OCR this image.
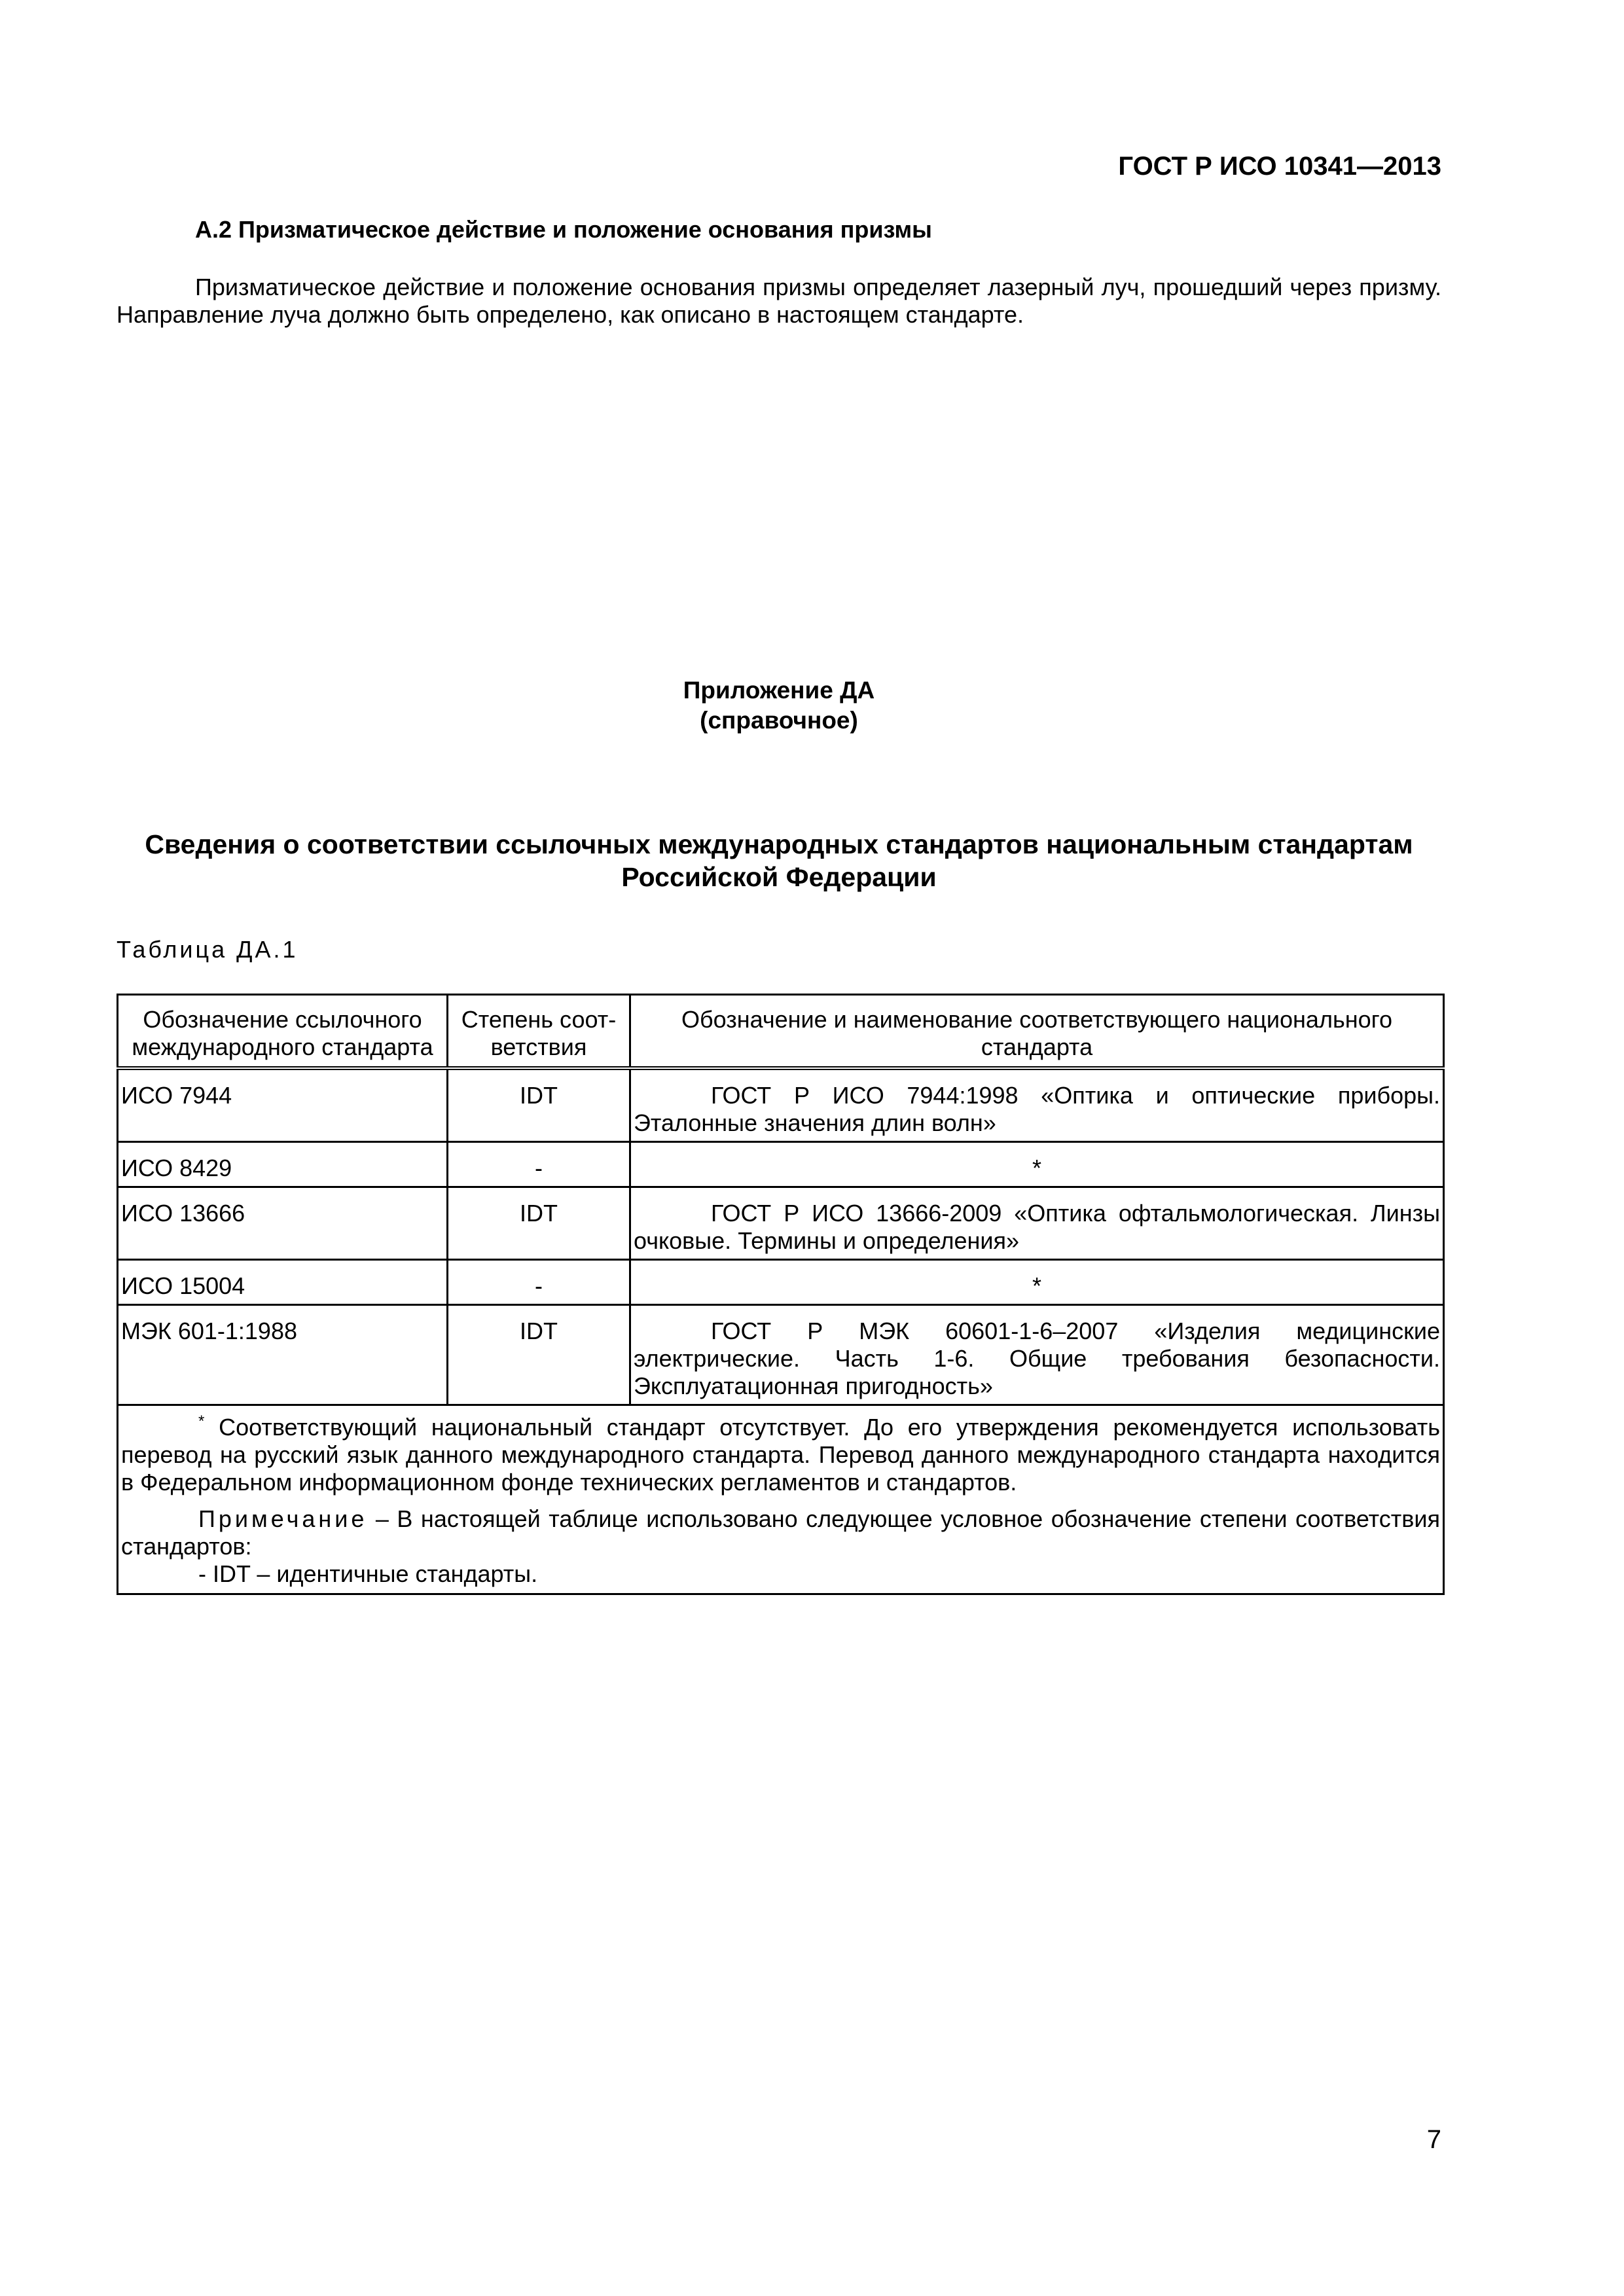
ГОСТ Р ИСО 10341—2013
А.2 Призматическое действие и положение основания призмы

Призматическое действие и положение основания призмы определяет лазерный луч, прошедший через призму. Направление луча должно быть определено, как описано в настоящем стандарте.

Приложение ДА
(справочное)
Сведения о соответствии ссылочных международных стандартов национальным стандартам Российской Федерации
Таблица ДА.1
Обозначение ссылочного международного стандарта	Степень соот-ветствия	Обозначение и наименование соответствующего национального стандарта
ИСО 7944	IDT	ГОСТ Р ИСО 7944:1998 «Оптика и оптические приборы. Эталонные значения длин волн»
ИСО 8429	-	*
ИСО 13666	IDT	ГОСТ Р ИСО 13666-2009 «Оптика офтальмологическая. Линзы очковые. Термины и определения»
ИСО 15004	-	*
МЭК 601-1:1988	IDT	ГОСТ Р МЭК 60601-1-6–2007 «Изделия медицинские электрические. Часть 1-6. Общие требования безопасности. Эксплуатационная пригодность»

* Соответствующий национальный стандарт отсутствует. До его утверждения рекомендуется использовать перевод на русский язык данного международного стандарта. Перевод данного международного стандарта находится в Федеральном информационном фонде технических регламентов и стандартов.

Примечание – В настоящей таблице использовано следующее условное обозначение степени соответствия стандартов:

- IDT – идентичные стандарты.		

7
